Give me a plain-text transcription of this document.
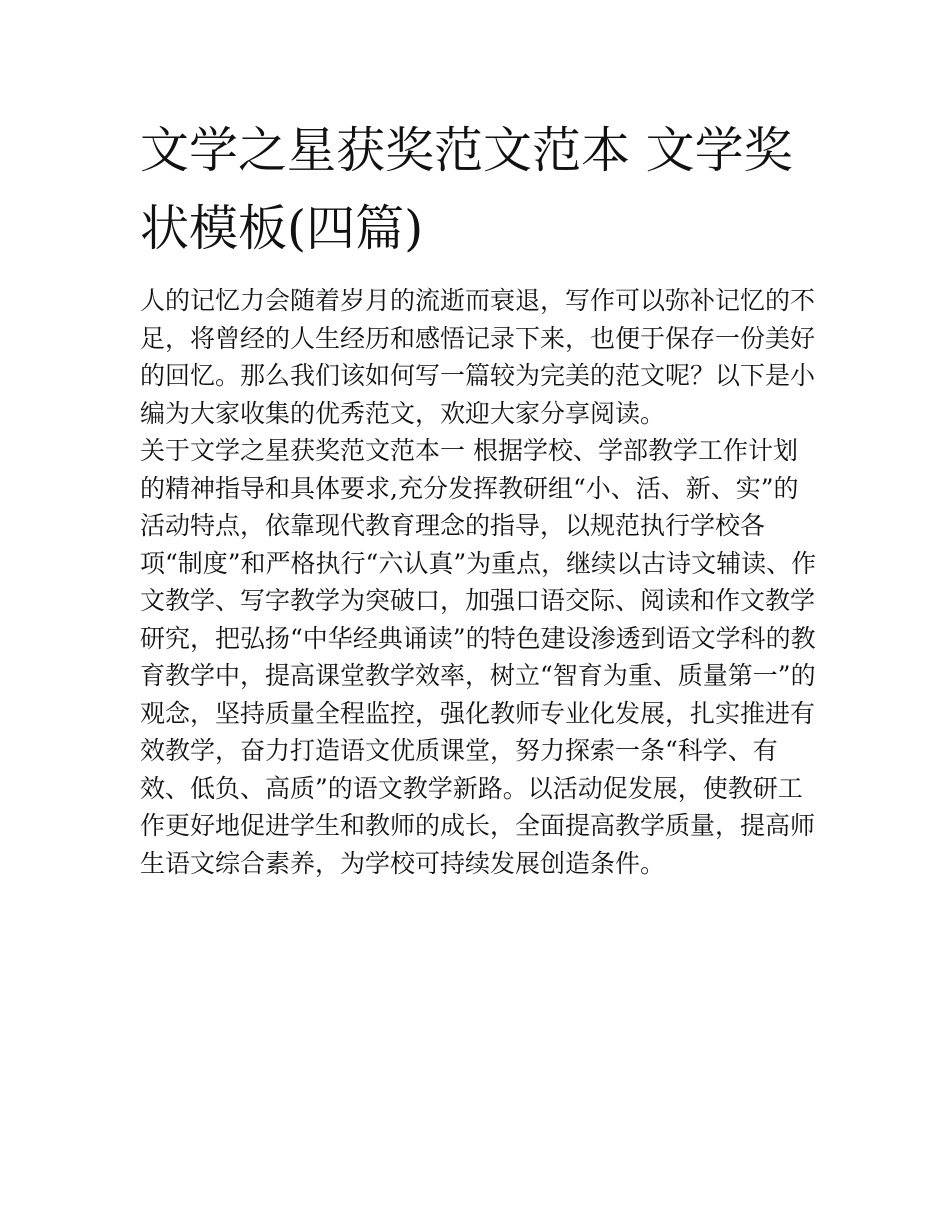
文学之星获奖范文范本 文学奖
状模板(四篇)
人的记忆力会随着岁月的流逝而衰退，写作可以弥补记忆的不
足，将曾经的人生经历和感悟记录下来，也便于保存一份美好
的回忆。那么我们该如何写一篇较为完美的范文呢？以下是小
编为大家收集的优秀范文，欢迎大家分享阅读。
关于文学之星获奖范文范本一 根据学校、学部教学工作计划
的精神指导和具体要求,充分发挥教研组“小、活、新、实”的
活动特点，依靠现代教育理念的指导，以规范执行学校各
项“制度”和严格执行“六认真”为重点，继续以古诗文辅读、作
文教学、写字教学为突破口，加强口语交际、阅读和作文教学
研究，把弘扬“中华经典诵读”的特色建设渗透到语文学科的教
育教学中，提高课堂教学效率，树立“智育为重、质量第一”的
观念，坚持质量全程监控，强化教师专业化发展，扎实推进有
效教学，奋力打造语文优质课堂，努力探索一条“科学、有
效、低负、高质”的语文教学新路。以活动促发展，使教研工
作更好地促进学生和教师的成长，全面提高教学质量，提高师
生语文综合素养，为学校可持续发展创造条件。
